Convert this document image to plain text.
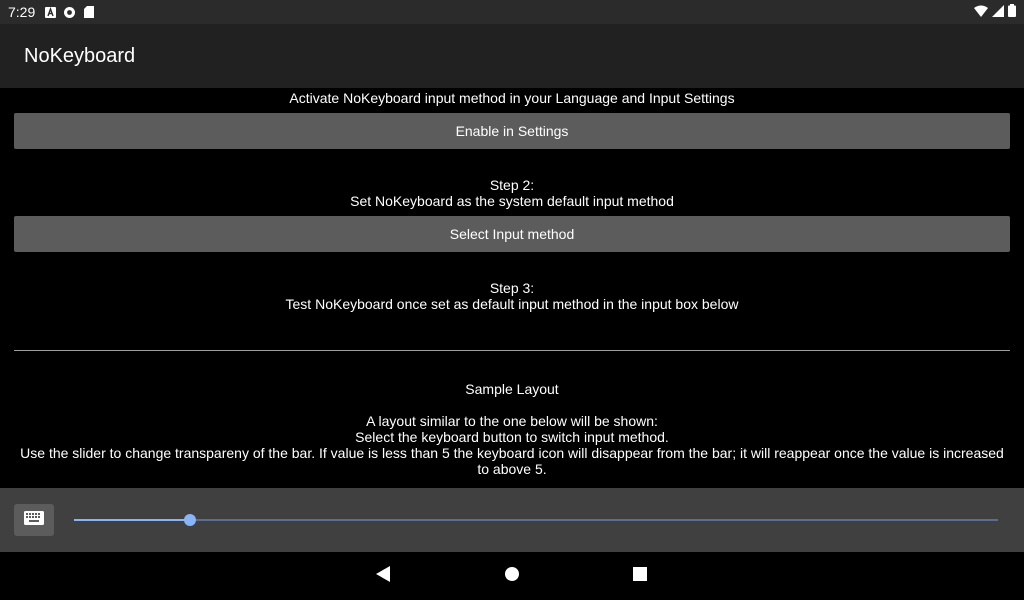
7:29
NoKeyboard
Activate NoKeyboard input method in your Language and Input Settings
Enable in Settings
Step 2:
Set NoKeyboard as the system default input method
Select Input method
Step 3:
Test NoKeyboard once set as default input method in the input box below
Sample Layout
A layout similar to the one below will be shown:
Select the keyboard button to switch input method.
Use the slider to change transpareny of the bar. If value is less than 5 the keyboard icon will disappear from the bar; it will reappear once the value is increased to above 5.
